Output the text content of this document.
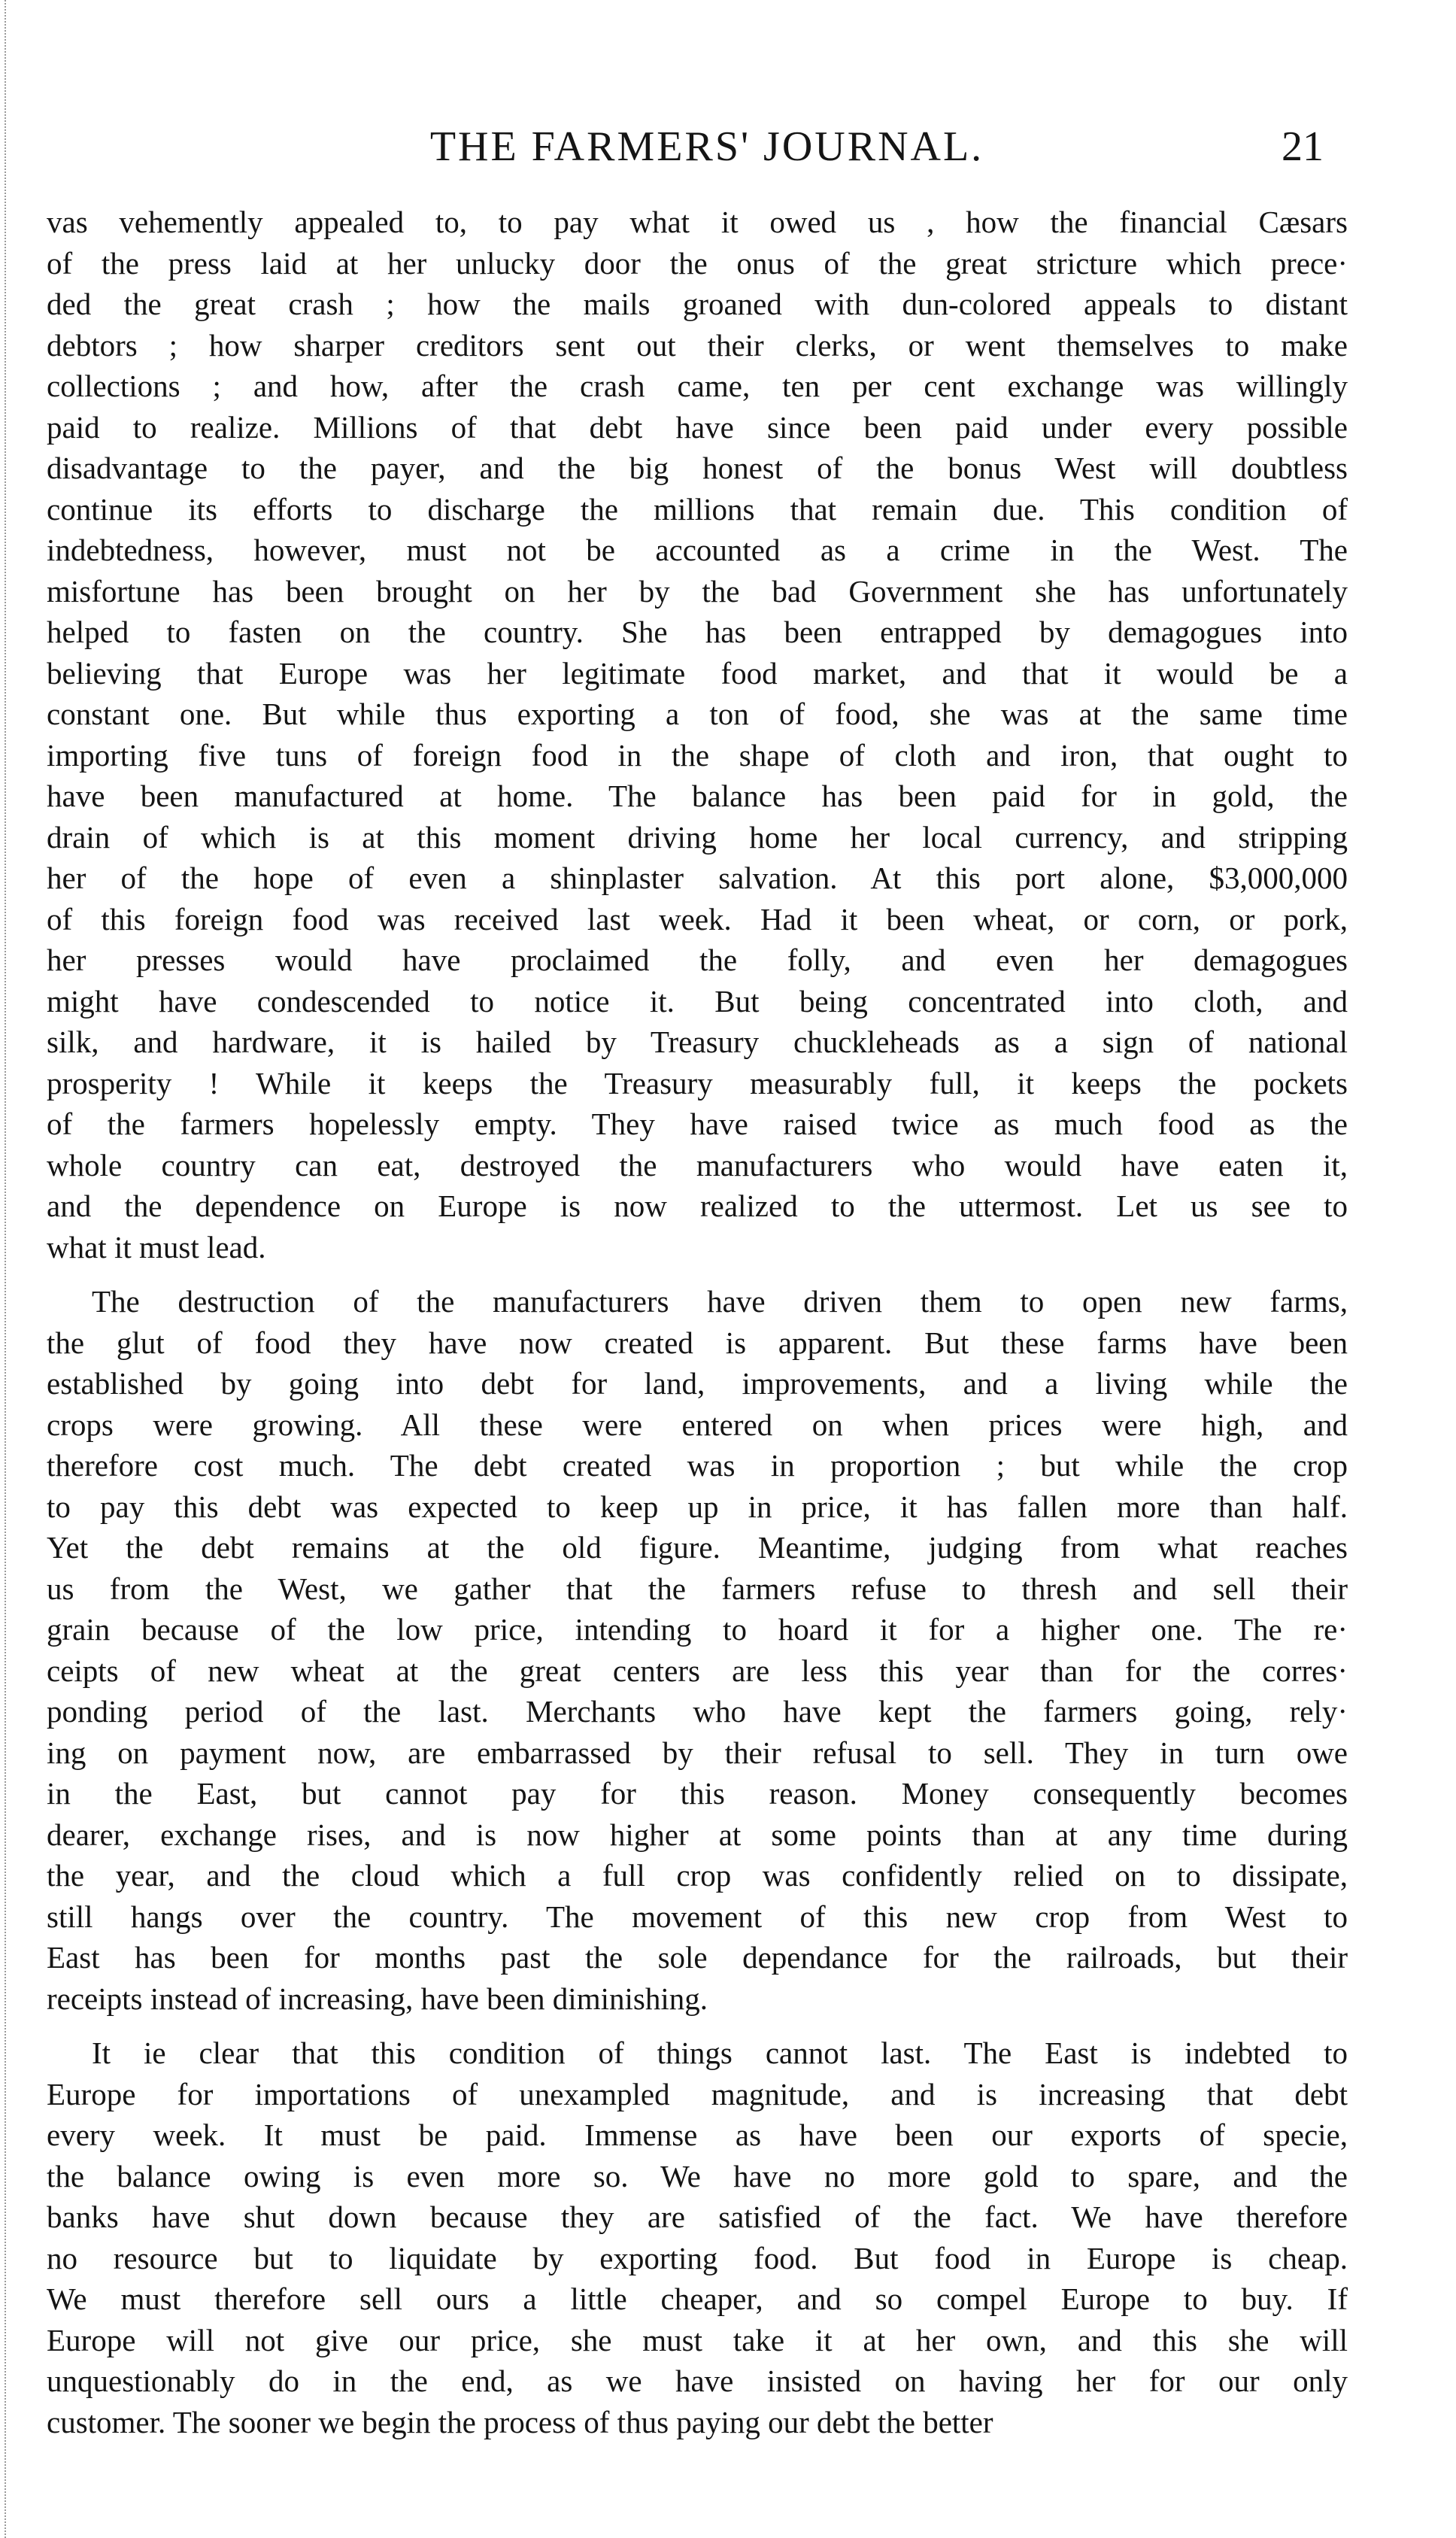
THE FARMERS' JOURNAL.	21
vas vehemently appealed to, to pay what it owed us , how the financial Cæsars
of the press laid at her unlucky door the onus of the great stricture which prece·
ded the great crash ; how the mails groaned with dun-colored appeals to distant
debtors ; how sharper creditors sent out their clerks, or went themselves to make
collections ; and how, after the crash came, ten per cent exchange was willingly
paid to realize. Millions of that debt have since been paid under every possible
disadvantage to the payer, and the big honest of the bonus West will doubtless
continue its efforts to discharge the millions that remain due. This condition of
indebtedness, however, must not be accounted as a crime in the West. The
misfortune has been brought on her by the bad Government she has unfortunately
helped to fasten on the country. She has been entrapped by demagogues into
believing that Europe was her legitimate food market, and that it would be a
constant one. But while thus exporting a ton of food, she was at the same time
importing five tuns of foreign food in the shape of cloth and iron, that ought to
have been manufactured at home. The balance has been paid for in gold, the
drain of which is at this moment driving home her local currency, and stripping
her of the hope of even a shinplaster salvation. At this port alone, $3,000,000
of this foreign food was received last week. Had it been wheat, or corn, or pork,
her presses would have proclaimed the folly, and even her demagogues
might have condescended to notice it. But being concentrated into cloth, and
silk, and hardware, it is hailed by Treasury chuckleheads as a sign of national
prosperity ! While it keeps the Treasury measurably full, it keeps the pockets
of the farmers hopelessly empty. They have raised twice as much food as the
whole country can eat, destroyed the manufacturers who would have eaten it,
and the dependence on Europe is now realized to the uttermost. Let us see to
what it must lead.
The destruction of the manufacturers have driven them to open new farms,
the glut of food they have now created is apparent. But these farms have been
established by going into debt for land, improvements, and a living while the
crops were growing. All these were entered on when prices were high, and
therefore cost much. The debt created was in proportion ; but while the crop
to pay this debt was expected to keep up in price, it has fallen more than half.
Yet the debt remains at the old figure. Meantime, judging from what reaches
us from the West, we gather that the farmers refuse to thresh and sell their
grain because of the low price, intending to hoard it for a higher one. The re·
ceipts of new wheat at the great centers are less this year than for the corres·
ponding period of the last. Merchants who have kept the farmers going, rely·
ing on payment now, are embarrassed by their refusal to sell. They in turn owe
in the East, but cannot pay for this reason. Money consequently becomes
dearer, exchange rises, and is now higher at some points than at any time during
the year, and the cloud which a full crop was confidently relied on to dissipate,
still hangs over the country. The movement of this new crop from West to
East has been for months past the sole dependance for the railroads, but their
receipts instead of increasing, have been diminishing.
It ie clear that this condition of things cannot last. The East is indebted to
Europe for importations of unexampled magnitude, and is increasing that debt
every week. It must be paid. Immense as have been our exports of specie,
the balance owing is even more so. We have no more gold to spare, and the
banks have shut down because they are satisfied of the fact. We have therefore
no resource but to liquidate by exporting food. But food in Europe is cheap.
We must therefore sell ours a little cheaper, and so compel Europe to buy. If
Europe will not give our price, she must take it at her own, and this she will
unquestionably do in the end, as we have insisted on having her for our only
customer. The sooner we begin the process of thus paying our debt the better
